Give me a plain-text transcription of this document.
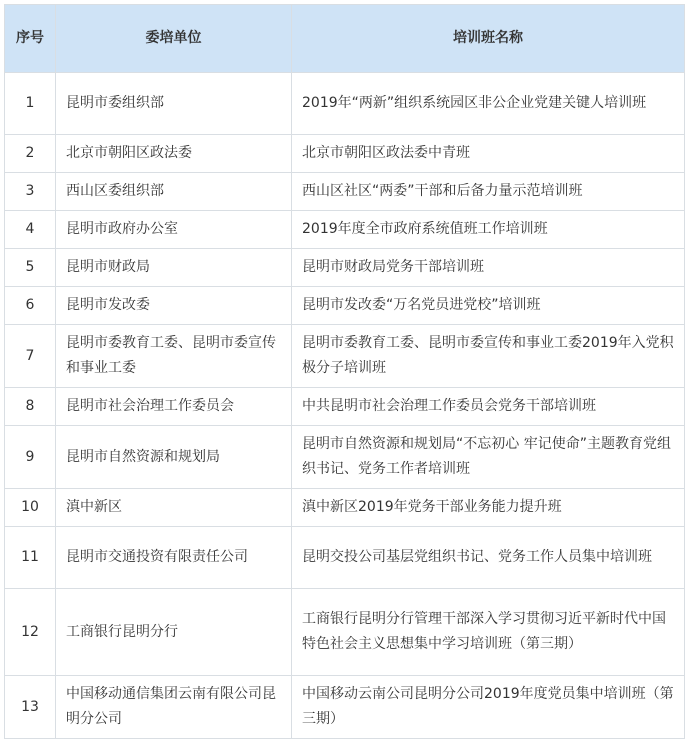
序号	委培单位	培训班名称
1	昆明市委组织部	2019年“两新”组织系统园区非公企业党建关键人培训班
2	北京市朝阳区政法委	北京市朝阳区政法委中青班
3	西山区委组织部	西山区社区“两委”干部和后备力量示范培训班
4	昆明市政府办公室	2019年度全市政府系统值班工作培训班
5	昆明市财政局	昆明市财政局党务干部培训班
6	昆明市发改委	昆明市发改委“万名党员进党校”培训班
7	昆明市委教育工委、昆明市委宣传和事业工委	昆明市委教育工委、昆明市委宣传和事业工委2019年入党积极分子培训班
8	昆明市社会治理工作委员会	中共昆明市社会治理工作委员会党务干部培训班
9	昆明市自然资源和规划局	昆明市自然资源和规划局“不忘初心 牢记使命”主题教育党组织书记、党务工作者培训班
10	滇中新区	滇中新区2019年党务干部业务能力提升班
11	昆明市交通投资有限责任公司	昆明交投公司基层党组织书记、党务工作人员集中培训班
12	工商银行昆明分行	工商银行昆明分行管理干部深入学习贯彻习近平新时代中国特色社会主义思想集中学习培训班（第三期）
13	中国移动通信集团云南有限公司昆明分公司	中国移动云南公司昆明分公司2019年度党员集中培训班（第三期）
